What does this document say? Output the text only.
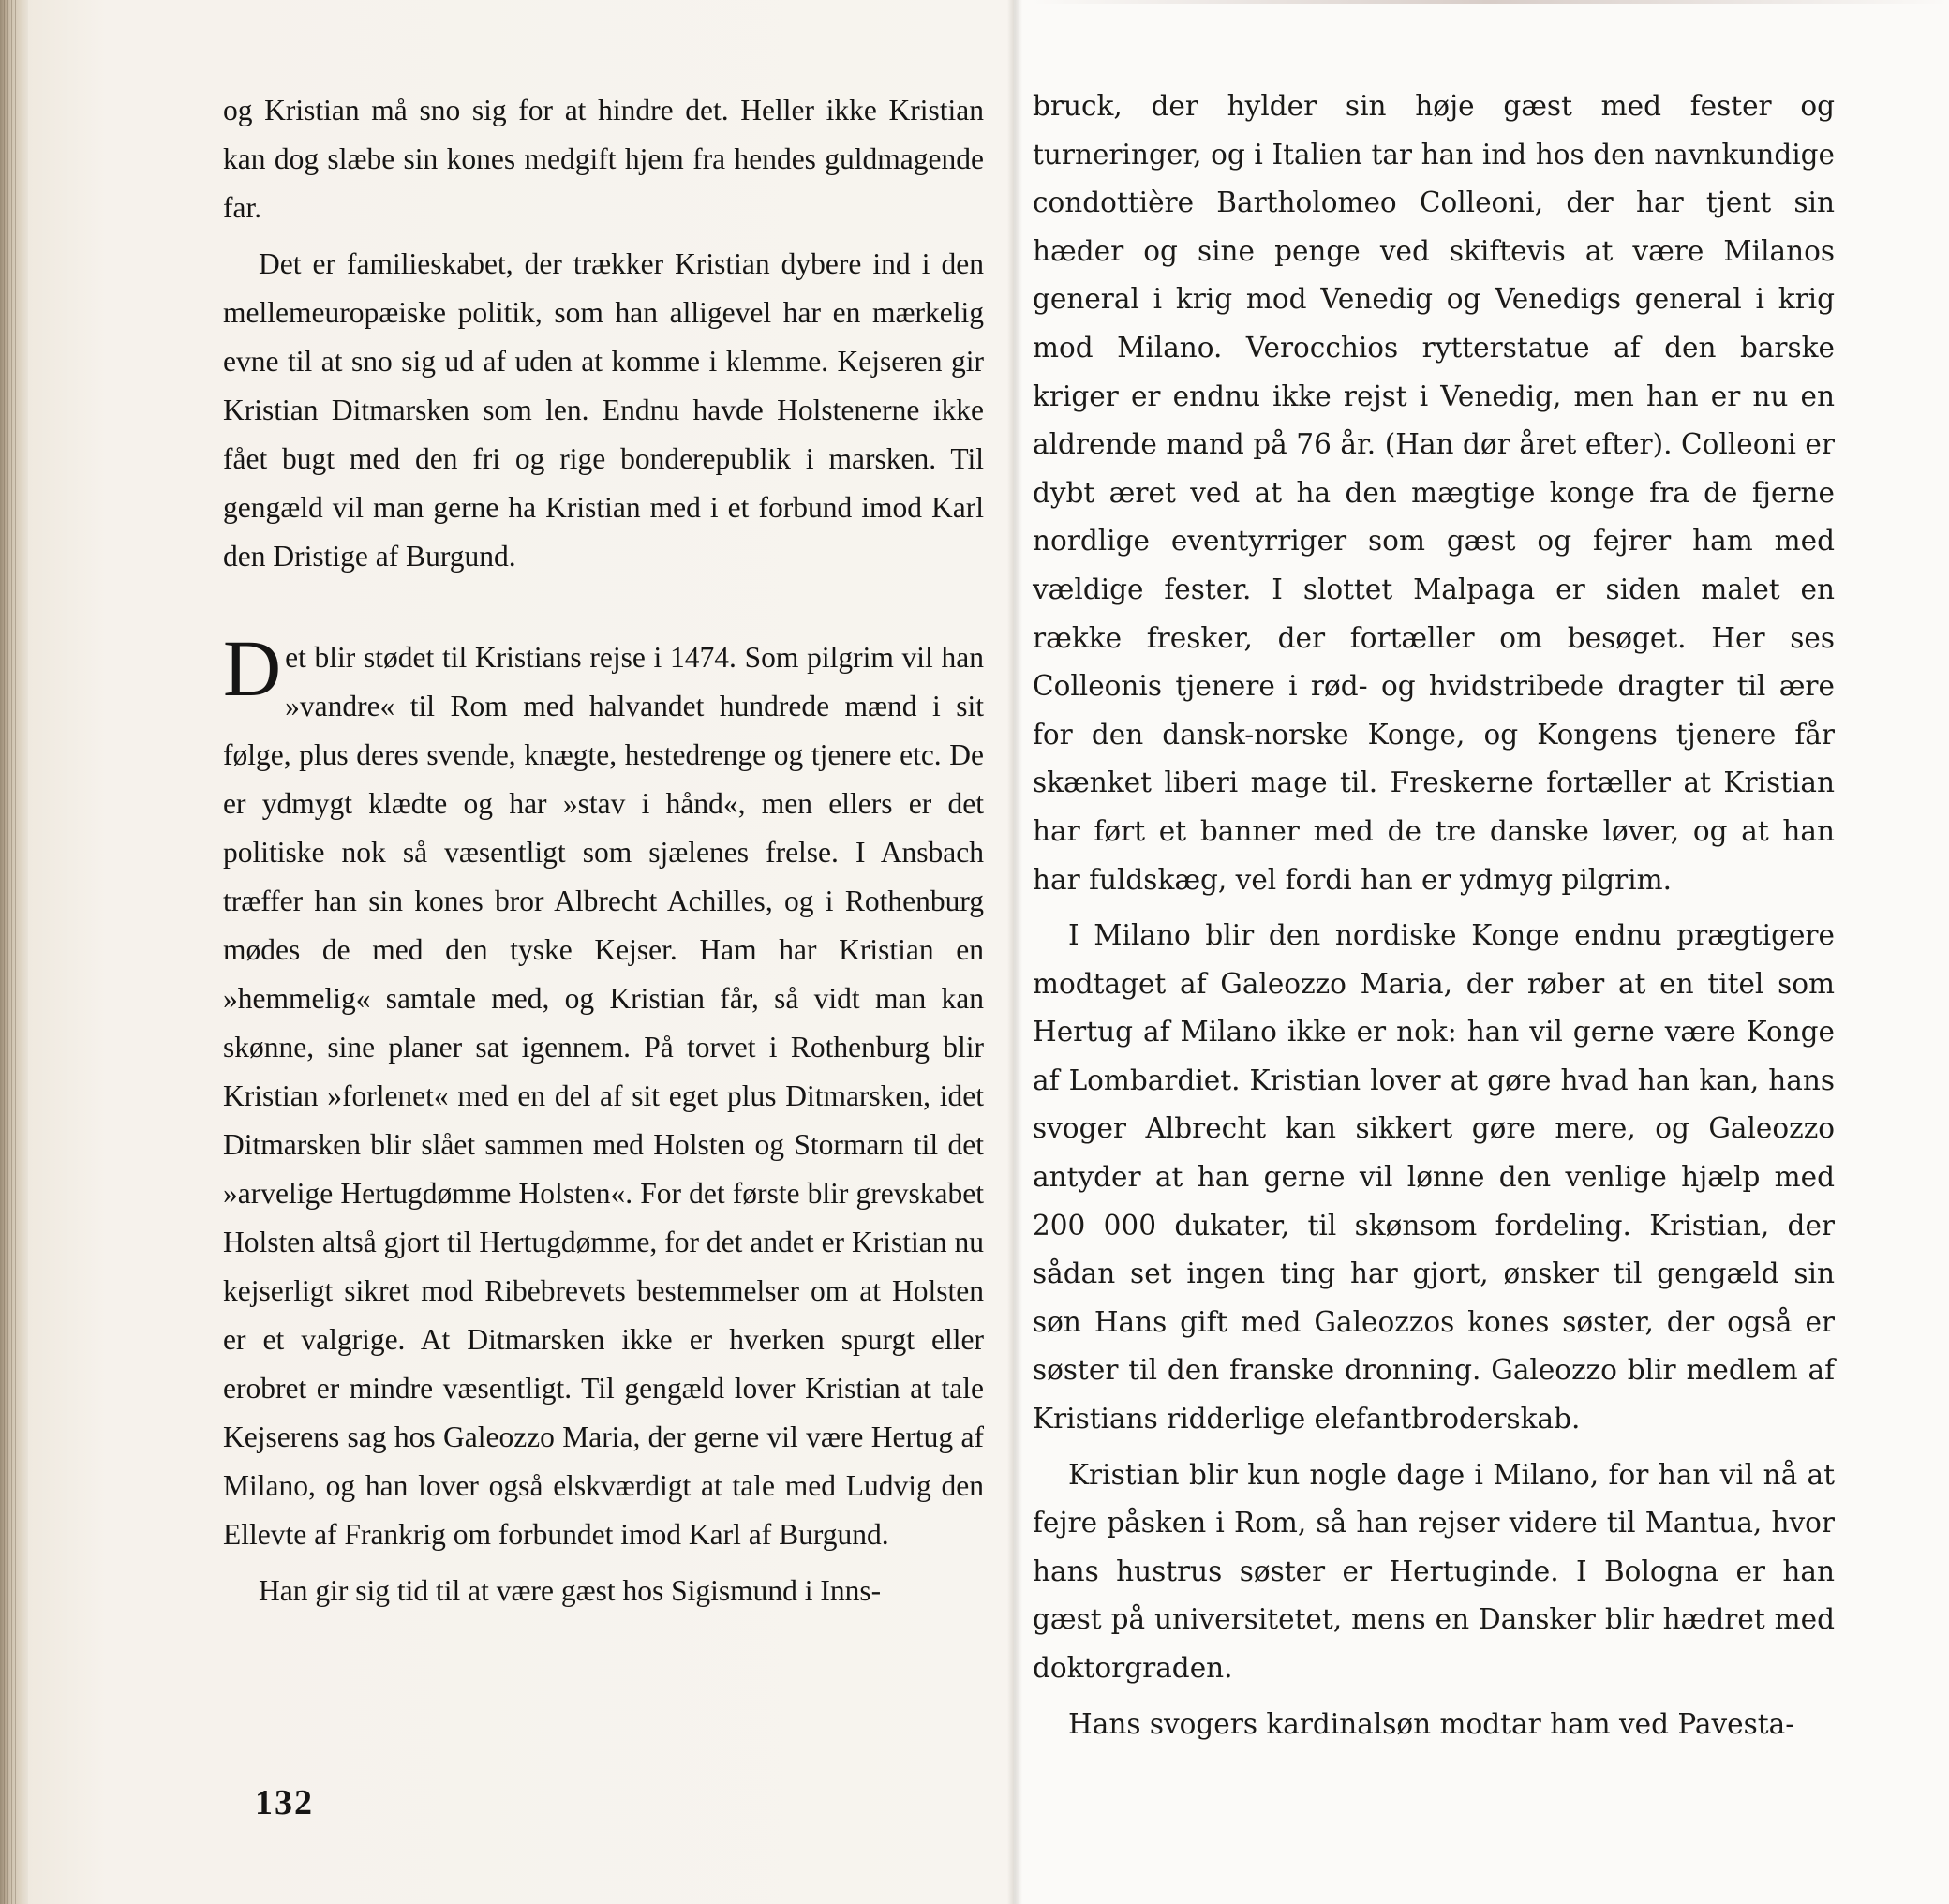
og Kristian må sno sig for at hindre det. Heller ikke Kristian kan dog slæbe sin kones medgift hjem fra hendes guldmagende far.

Det er familieskabet, der trækker Kristian dybere ind i den mellemeuropæiske politik, som han alligevel har en mærkelig evne til at sno sig ud af uden at komme i klemme. Kejseren gir Kristian Ditmarsken som len. Endnu havde Holstenerne ikke fået bugt med den fri og rige bonderepublik i marsken. Til gengæld vil man gerne ha Kristian med i et forbund imod Karl den Dristige af Burgund.

Det blir stødet til Kristians rejse i 1474. Som pilgrim vil han »vandre« til Rom med halvandet hundrede mænd i sit følge, plus deres svende, knægte, hestedrenge og tjenere etc. De er ydmygt klædte og har »stav i hånd«, men ellers er det politiske nok så væsentligt som sjælenes frelse. I Ansbach træffer han sin kones bror Albrecht Achilles, og i Rothenburg mødes de med den tyske Kejser. Ham har Kristian en »hemmelig« samtale med, og Kristian får, så vidt man kan skønne, sine planer sat igennem. På torvet i Rothenburg blir Kristian »forlenet« med en del af sit eget plus Ditmarsken, idet Ditmarsken blir slået sammen med Holsten og Stormarn til det »arvelige Hertugdømme Holsten«. For det første blir grevskabet Holsten altså gjort til Hertugdømme, for det andet er Kristian nu kejserligt sikret mod Ribebrevets bestemmelser om at Holsten er et valgrige. At Ditmarsken ikke er hverken spurgt eller erobret er mindre væsentligt. Til gengæld lover Kristian at tale Kejserens sag hos Galeozzo Maria, der gerne vil være Hertug af Milano, og han lover også elskværdigt at tale med Ludvig den Ellevte af Frankrig om forbundet imod Karl af Burgund.

Han gir sig tid til at være gæst hos Sigismund i Inns-

132

bruck, der hylder sin høje gæst med fester og turneringer, og i Italien tar han ind hos den navnkundige condottière Bartholomeo Colleoni, der har tjent sin hæder og sine penge ved skiftevis at være Milanos general i krig mod Venedig og Venedigs general i krig mod Milano. Verocchios rytterstatue af den barske kriger er endnu ikke rejst i Venedig, men han er nu en aldrende mand på 76 år. (Han dør året efter). Colleoni er dybt æret ved at ha den mægtige konge fra de fjerne nordlige eventyrriger som gæst og fejrer ham med vældige fester. I slottet Malpaga er siden malet en række fresker, der fortæller om besøget. Her ses Colleonis tjenere i rød- og hvidstribede dragter til ære for den dansk-norske Konge, og Kongens tjenere får skænket liberi mage til. Freskerne fortæller at Kristian har ført et banner med de tre danske løver, og at han har fuldskæg, vel fordi han er ydmyg pilgrim.

I Milano blir den nordiske Konge endnu prægtigere modtaget af Galeozzo Maria, der røber at en titel som Hertug af Milano ikke er nok: han vil gerne være Konge af Lombardiet. Kristian lover at gøre hvad han kan, hans svoger Albrecht kan sikkert gøre mere, og Galeozzo antyder at han gerne vil lønne den venlige hjælp med 200 000 dukater, til skønsom fordeling. Kristian, der sådan set ingen ting har gjort, ønsker til gengæld sin søn Hans gift med Galeozzos kones søster, der også er søster til den franske dronning. Galeozzo blir medlem af Kristians ridderlige elefantbroderskab.

Kristian blir kun nogle dage i Milano, for han vil nå at fejre påsken i Rom, så han rejser videre til Mantua, hvor hans hustrus søster er Hertuginde. I Bologna er han gæst på universitetet, mens en Dansker blir hædret med doktorgraden.

Hans svogers kardinalsøn modtar ham ved Pavesta-
